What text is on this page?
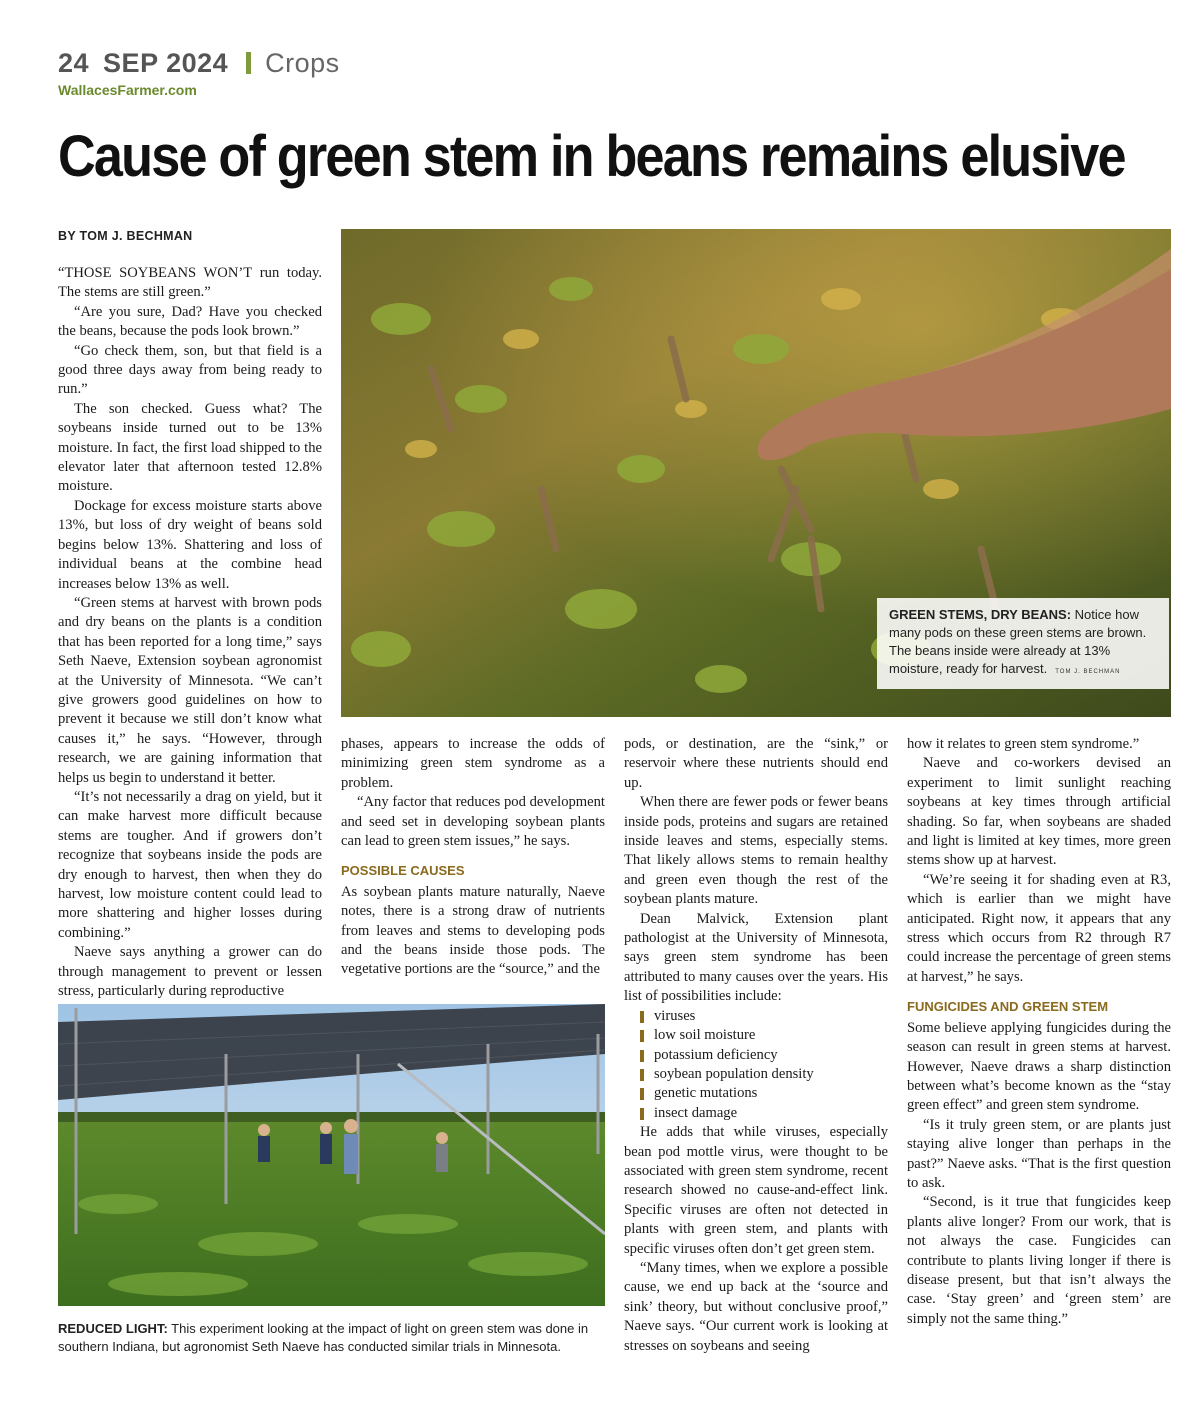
24 SEP 2024 Crops
WallacesFarmer.com
Cause of green stem in beans remains elusive
BY TOM J. BECHMAN

“THOSE SOYBEANS WON’T run today. The stems are still green.”

“Are you sure, Dad? Have you checked the beans, because the pods look brown.”

“Go check them, son, but that field is a good three days away from being ready to run.”

The son checked. Guess what? The soybeans inside turned out to be 13% moisture. In fact, the first load shipped to the elevator later that afternoon tested 12.8% moisture.

Dockage for excess moisture starts above 13%, but loss of dry weight of beans sold begins below 13%. Shattering and loss of individual beans at the combine head increases below 13% as well.

“Green stems at harvest with brown pods and dry beans on the plants is a condition that has been reported for a long time,” says Seth Naeve, Extension soybean agronomist at the University of Minnesota. “We can’t give growers good guidelines on how to prevent it because we still don’t know what causes it,” he says. “However, through research, we are gaining information that helps us begin to understand it better.

“It’s not necessarily a drag on yield, but it can make harvest more difficult because stems are tougher. And if growers don’t recognize that soybeans inside the pods are dry enough to harvest, then when they do harvest, low moisture content could lead to more shattering and higher losses during combining.”

Naeve says anything a grower can do through management to prevent or lessen stress, particularly during reproductive

GREEN STEMS, DRY BEANS: Notice how many pods on these green stems are brown. The beans inside were already at 13% moisture, ready for harvest. TOM J. BECHMAN

phases, appears to increase the odds of minimizing green stem syndrome as a problem.

“Any factor that reduces pod development and seed set in developing soybean plants can lead to green stem issues,” he says.

POSSIBLE CAUSES

As soybean plants mature naturally, Naeve notes, there is a strong draw of nutrients from leaves and stems to developing pods and the beans inside those pods. The vegetative portions are the “source,” and the

pods, or destination, are the “sink,” or reservoir where these nutrients should end up.

When there are fewer pods or fewer beans inside pods, proteins and sugars are retained inside leaves and stems, especially stems. That likely allows stems to remain healthy and green even though the rest of the soybean plants mature.

Dean Malvick, Extension plant pathologist at the University of Minnesota, says green stem syndrome has been attributed to many causes over the years. His list of possibilities include:

viruses
low soil moisture
potassium deficiency
soybean population density
genetic mutations
insect damage

He adds that while viruses, especially bean pod mottle virus, were thought to be associated with green stem syndrome, recent research showed no cause-and-effect link. Specific viruses are often not detected in plants with green stem, and plants with specific viruses often don’t get green stem.

“Many times, when we explore a possible cause, we end up back at the ‘source and sink’ theory, but without conclusive proof,” Naeve says. “Our current work is looking at stresses on soybeans and seeing

how it relates to green stem syndrome.”

Naeve and co-workers devised an experiment to limit sunlight reaching soybeans at key times through artificial shading. So far, when soybeans are shaded and light is limited at key times, more green stems show up at harvest.

“We’re seeing it for shading even at R3, which is earlier than we might have anticipated. Right now, it appears that any stress which occurs from R2 through R7 could increase the percentage of green stems at harvest,” he says.

FUNGICIDES AND GREEN STEM

Some believe applying fungicides during the season can result in green stems at harvest. However, Naeve draws a sharp distinction between what’s become known as the “stay green effect” and green stem syndrome.

“Is it truly green stem, or are plants just staying alive longer than perhaps in the past?” Naeve asks. “That is the first question to ask.

“Second, is it true that fungicides keep plants alive longer? From our work, that is not always the case. Fungicides can contribute to plants living longer if there is disease present, but that isn’t always the case. ‘Stay green’ and ‘green stem’ are simply not the same thing.”

REDUCED LIGHT: This experiment looking at the impact of light on green stem was done in southern Indiana, but agronomist Seth Naeve has conducted similar trials in Minnesota.
